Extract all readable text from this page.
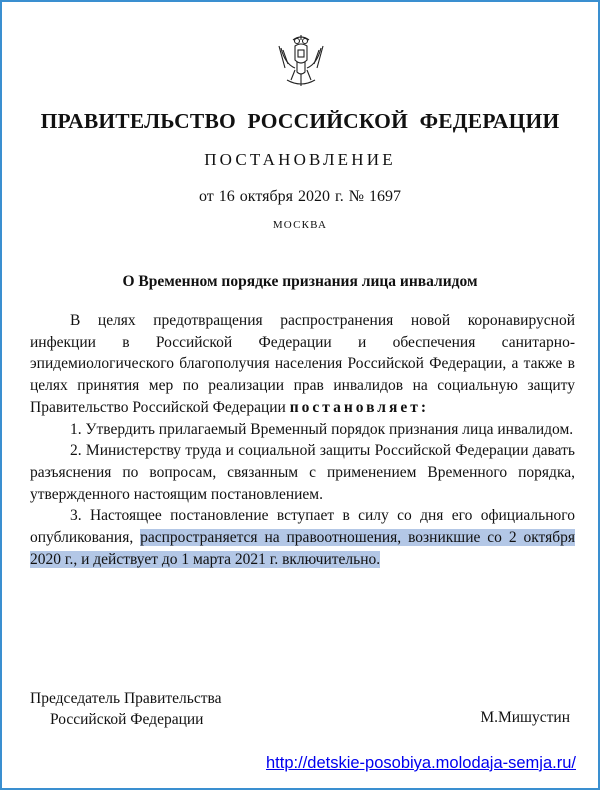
ПРАВИТЕЛЬСТВО РОССИЙСКОЙ ФЕДЕРАЦИИ
ПОСТАНОВЛЕНИЕ
от 16 октября 2020 г. № 1697
МОСКВА
О Временном порядке признания лица инвалидом

В целях предотвращения распространения новой коронавирусной инфекции в Российской Федерации и обеспечения санитарно-эпидемиологического благополучия населения Российской Федерации, а также в целях принятия мер по реализации прав инвалидов на социальную защиту Правительство Российской Федерации постановляет:

1. Утвердить прилагаемый Временный порядок признания лица инвалидом.

2. Министерству труда и социальной защиты Российской Федерации давать разъяснения по вопросам, связанным с применением Временного порядка, утвержденного настоящим постановлением.

3. Настоящее постановление вступает в силу со дня его официального опубликования, распространяется на правоотношения, возникшие со 2 октября 2020 г., и действует до 1 марта 2021 г. включительно.

Председатель Правительства
Российской Федерации	М.Мишустин
http://detskie-posobiya.molodaja-semja.ru/
